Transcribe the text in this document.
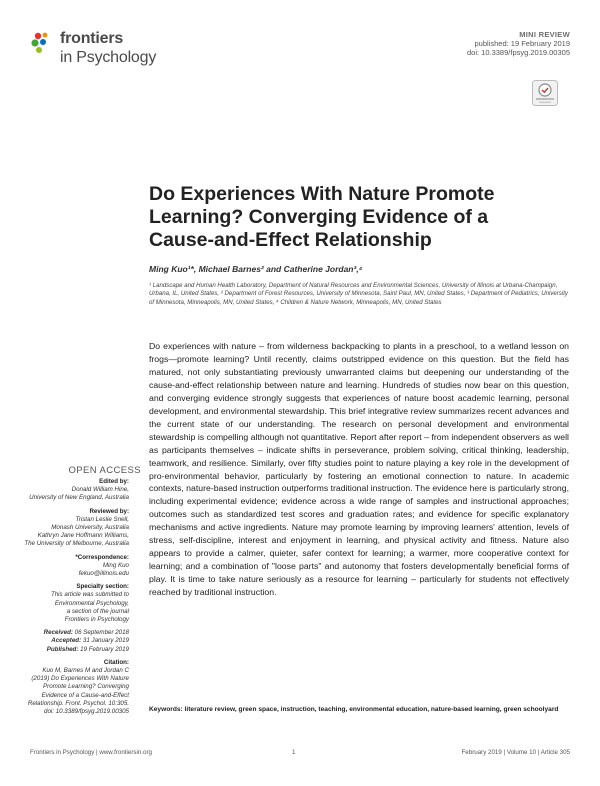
frontiers
in Psychology
MINI REVIEW
published: 19 February 2019
doi: 10.3389/fpsyg.2019.00305
Do Experiences With Nature Promote
Learning? Converging Evidence of a
Cause-and-Effect Relationship
Ming Kuo¹*, Michael Barnes² and Catherine Jordan³,⁴
¹ Landscape and Human Health Laboratory, Department of Natural Resources and Environmental Sciences, University of Illinois at Urbana-Champaign, Urbana, IL, United States, ² Department of Forest Resources, University of Minnesota, Saint Paul, MN, United States, ³ Department of Pediatrics, University of Minnesota, Minneapolis, MN, United States, ⁴ Children & Nature Network, Minneapolis, MN, United States
Do experiences with nature – from wilderness backpacking to plants in a preschool, to a wetland lesson on frogs—promote learning? Until recently, claims outstripped evidence on this question. But the field has matured, not only substantiating previously unwarranted claims but deepening our understanding of the cause-and-effect relationship between nature and learning. Hundreds of studies now bear on this question, and converging evidence strongly suggests that experiences of nature boost academic learning, personal development, and environmental stewardship. This brief integrative review summarizes recent advances and the current state of our understanding. The research on personal development and environmental stewardship is compelling although not quantitative. Report after report – from independent observers as well as participants themselves – indicate shifts in perseverance, problem solving, critical thinking, leadership, teamwork, and resilience. Similarly, over fifty studies point to nature playing a key role in the development of pro-environmental behavior, particularly by fostering an emotional connection to nature. In academic contexts, nature-based instruction outperforms traditional instruction. The evidence here is particularly strong, including experimental evidence; evidence across a wide range of samples and instructional approaches; outcomes such as standardized test scores and graduation rates; and evidence for specific explanatory mechanisms and active ingredients. Nature may promote learning by improving learners' attention, levels of stress, self-discipline, interest and enjoyment in learning, and physical activity and fitness. Nature also appears to provide a calmer, quieter, safer context for learning; a warmer, more cooperative context for learning; and a combination of "loose parts" and autonomy that fosters developmentally beneficial forms of play. It is time to take nature seriously as a resource for learning – particularly for students not effectively reached by traditional instruction.
Keywords: literature review, green space, instruction, teaching, environmental education, nature-based learning, green schoolyard
OPEN ACCESS
Edited by:
Donald William Hine,
University of New England, Australia
Reviewed by:
Tristan Leslie Snell,
Monash University, Australia
Kathryn Jane Hoffmann Williams,
The University of Melbourne, Australia
*Correspondence:
Ming Kuo
fekuo@illinois.edu
Specialty section:
This article was submitted to
Environmental Psychology,
a section of the journal
Frontiers in Psychology
Received: 06 September 2018
Accepted: 31 January 2019
Published: 19 February 2019
Citation:
Kuo M, Barnes M and Jordan C
(2019) Do Experiences With Nature
Promote Learning? Converging
Evidence of a Cause-and-Effect
Relationship. Front. Psychol. 10:305.
doi: 10.3389/fpsyg.2019.00305
Frontiers in Psychology | www.frontiersin.org	1	February 2019 | Volume 10 | Article 305
